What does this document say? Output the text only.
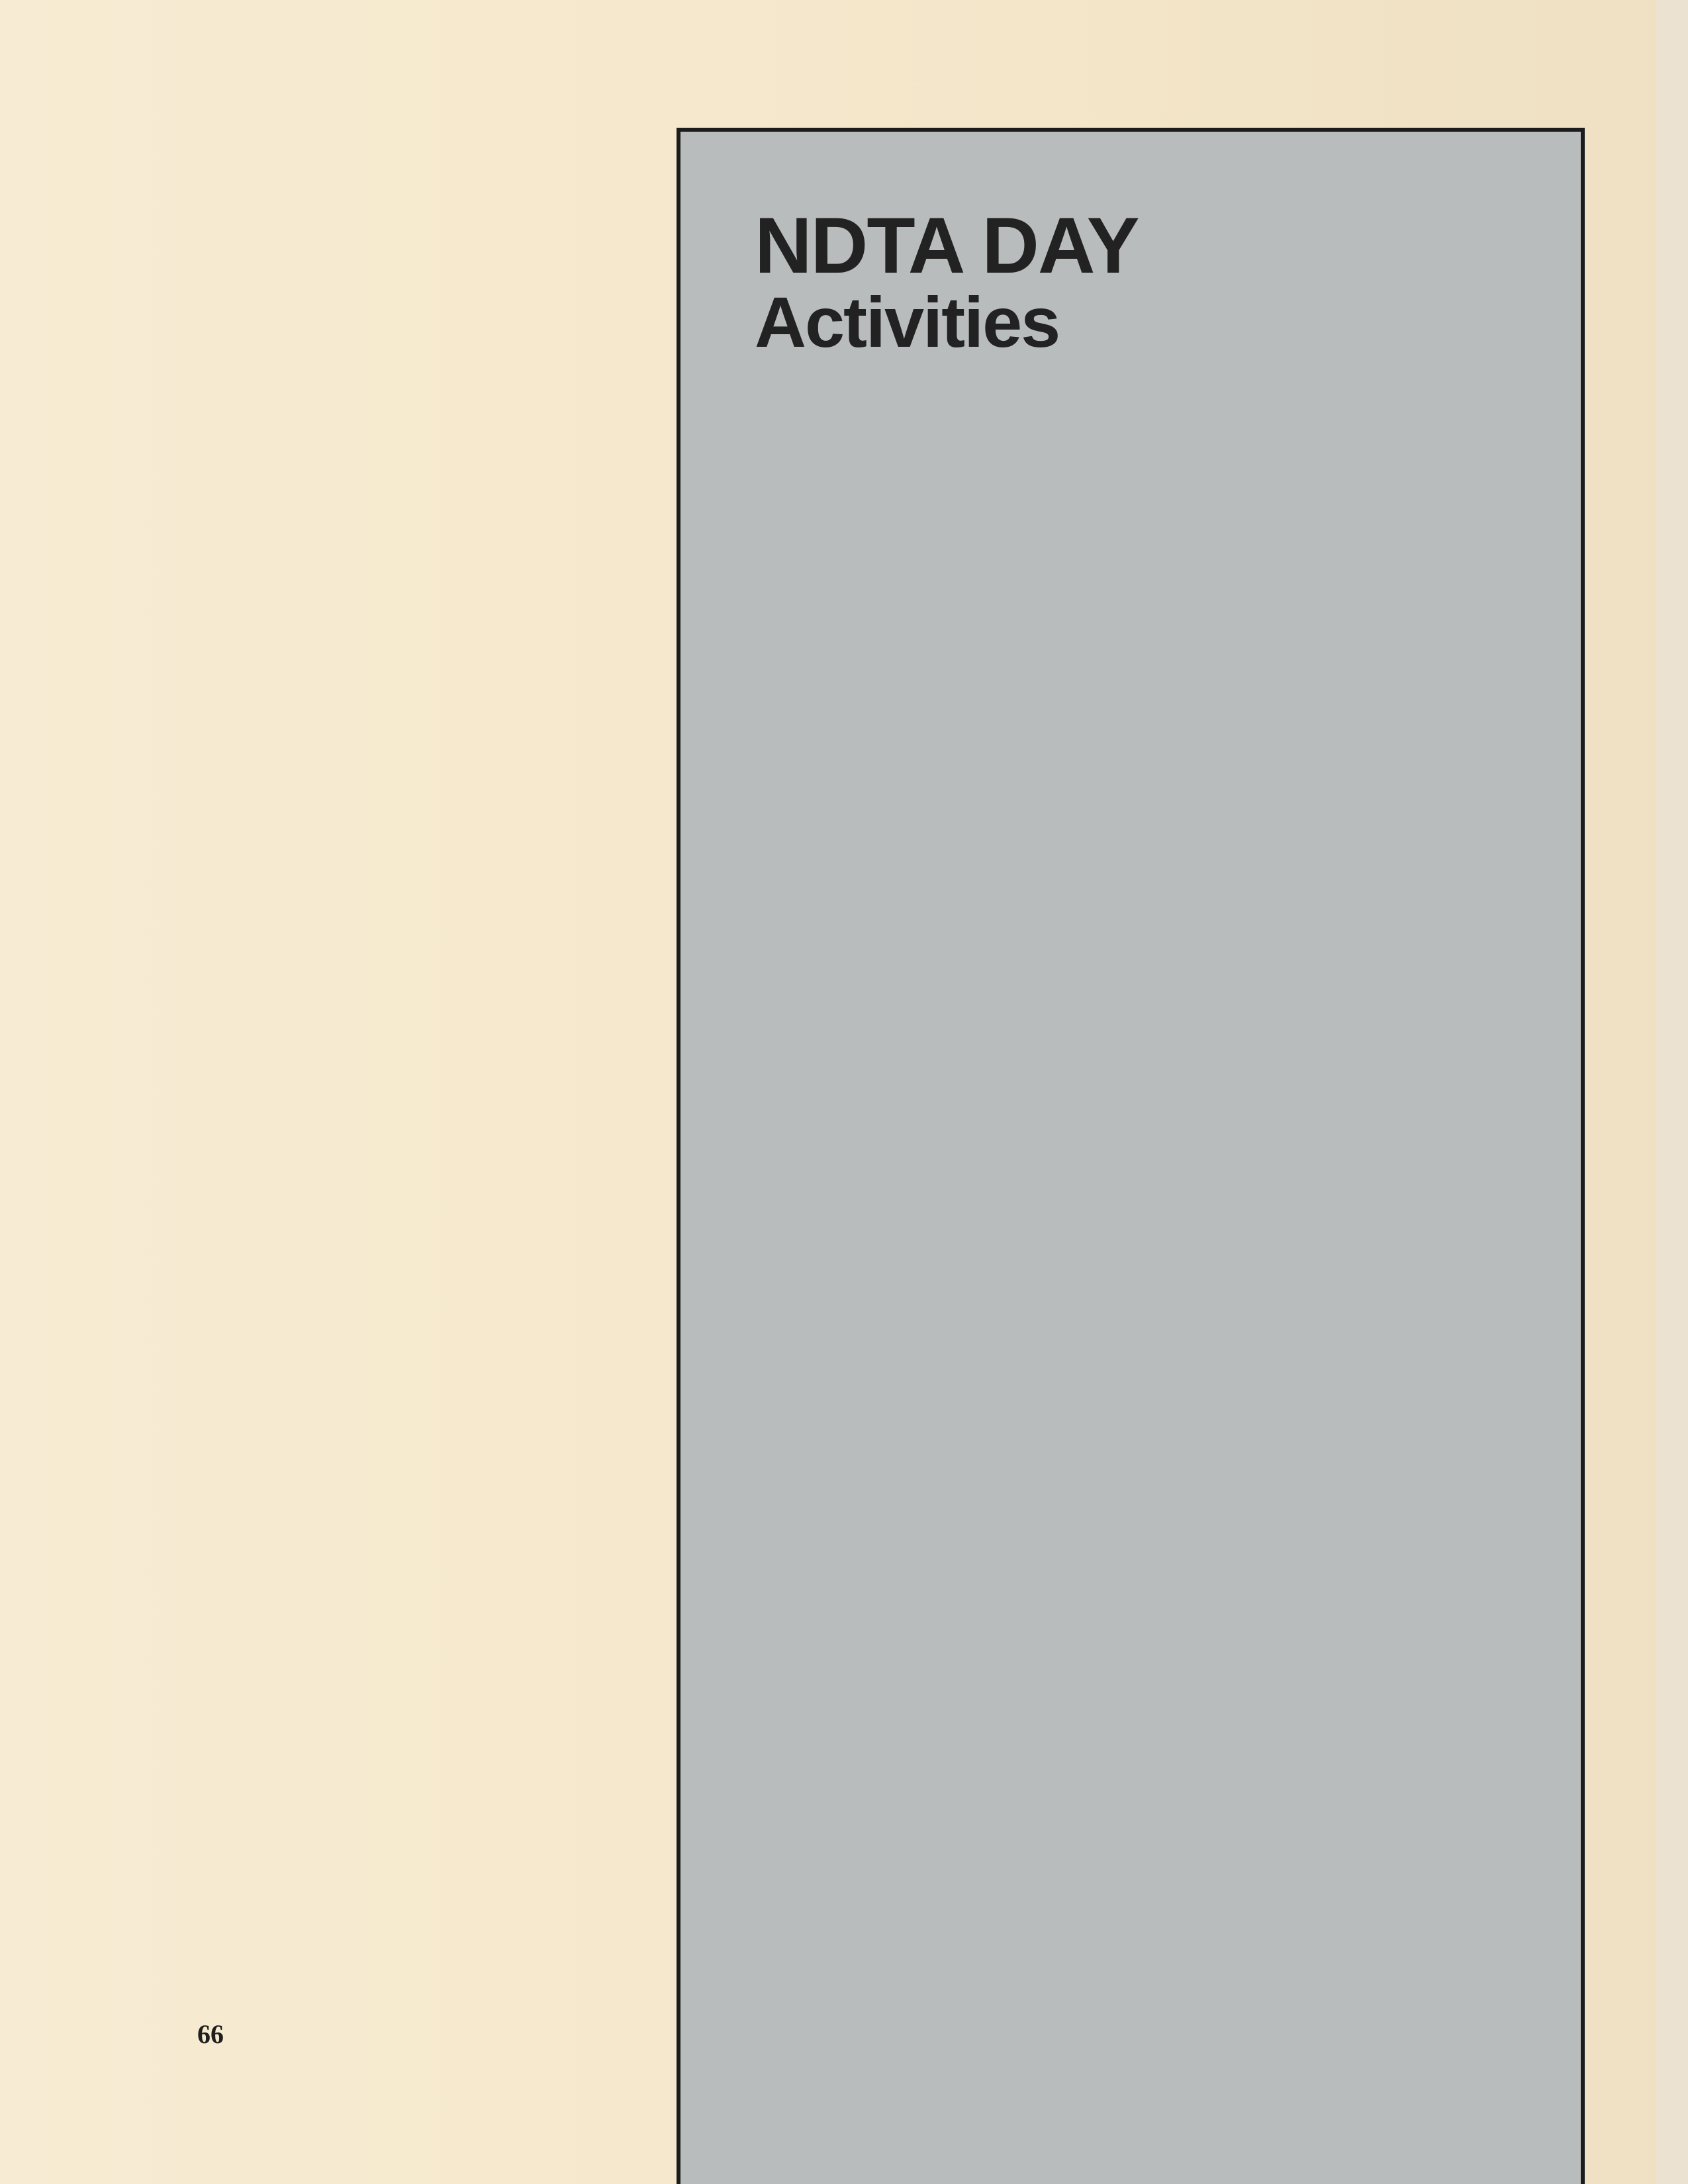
NDTA DAY
Activities
66
